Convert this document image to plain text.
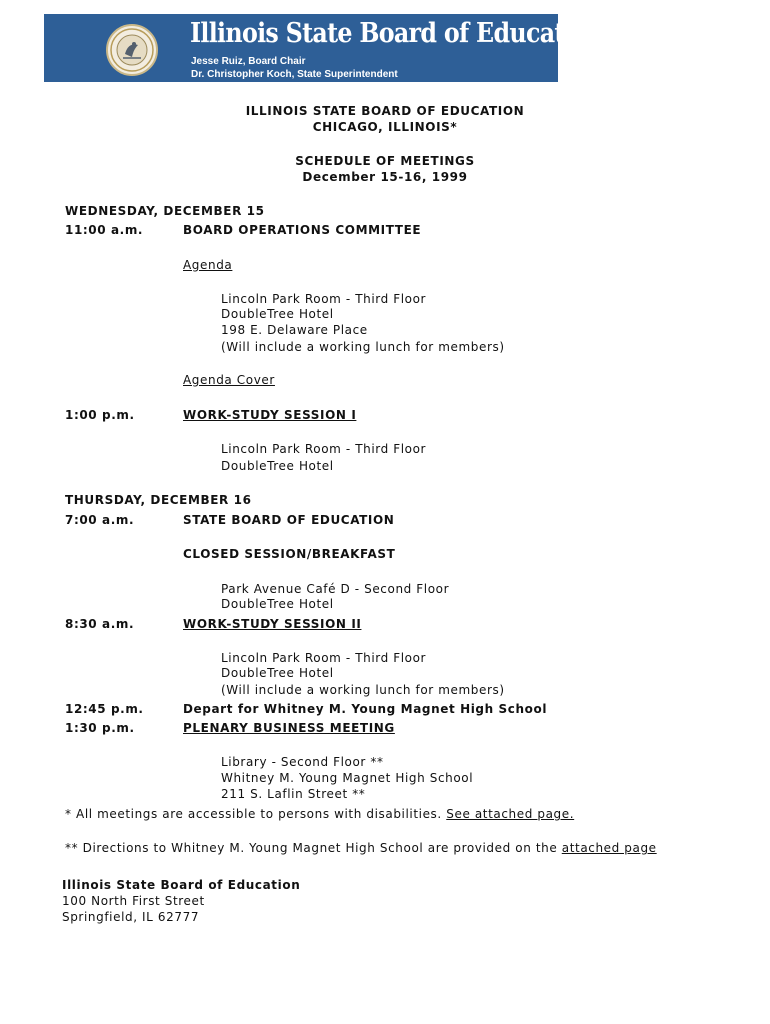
Illinois State Board of Education
Jesse Ruiz, Board Chair
Dr. Christopher Koch, State Superintendent
ILLINOIS STATE BOARD OF EDUCATION
CHICAGO, ILLINOIS*
SCHEDULE OF MEETINGS
December 15-16, 1999
WEDNESDAY, DECEMBER 15
11:00 a.m.	BOARD OPERATIONS COMMITTEE
Agenda
Lincoln Park Room - Third Floor
DoubleTree Hotel
198 E. Delaware Place
(Will include a working lunch for members)
Agenda Cover
1:00 p.m.	WORK-STUDY SESSION I
Lincoln Park Room - Third Floor
DoubleTree Hotel
THURSDAY, DECEMBER 16
7:00 a.m.	STATE BOARD OF EDUCATION
CLOSED SESSION/BREAKFAST
Park Avenue Café D - Second Floor
DoubleTree Hotel
8:30 a.m.	WORK-STUDY SESSION II
Lincoln Park Room - Third Floor
DoubleTree Hotel
(Will include a working lunch for members)
12:45 p.m.	Depart for Whitney M. Young Magnet High School
1:30 p.m.	PLENARY BUSINESS MEETING
Library - Second Floor **
Whitney M. Young Magnet High School
211 S. Laflin Street **
* All meetings are accessible to persons with disabilities. See attached page.
** Directions to Whitney M. Young Magnet High School are provided on the attached page
Illinois State Board of Education
100 North First Street
Springfield, IL 62777
